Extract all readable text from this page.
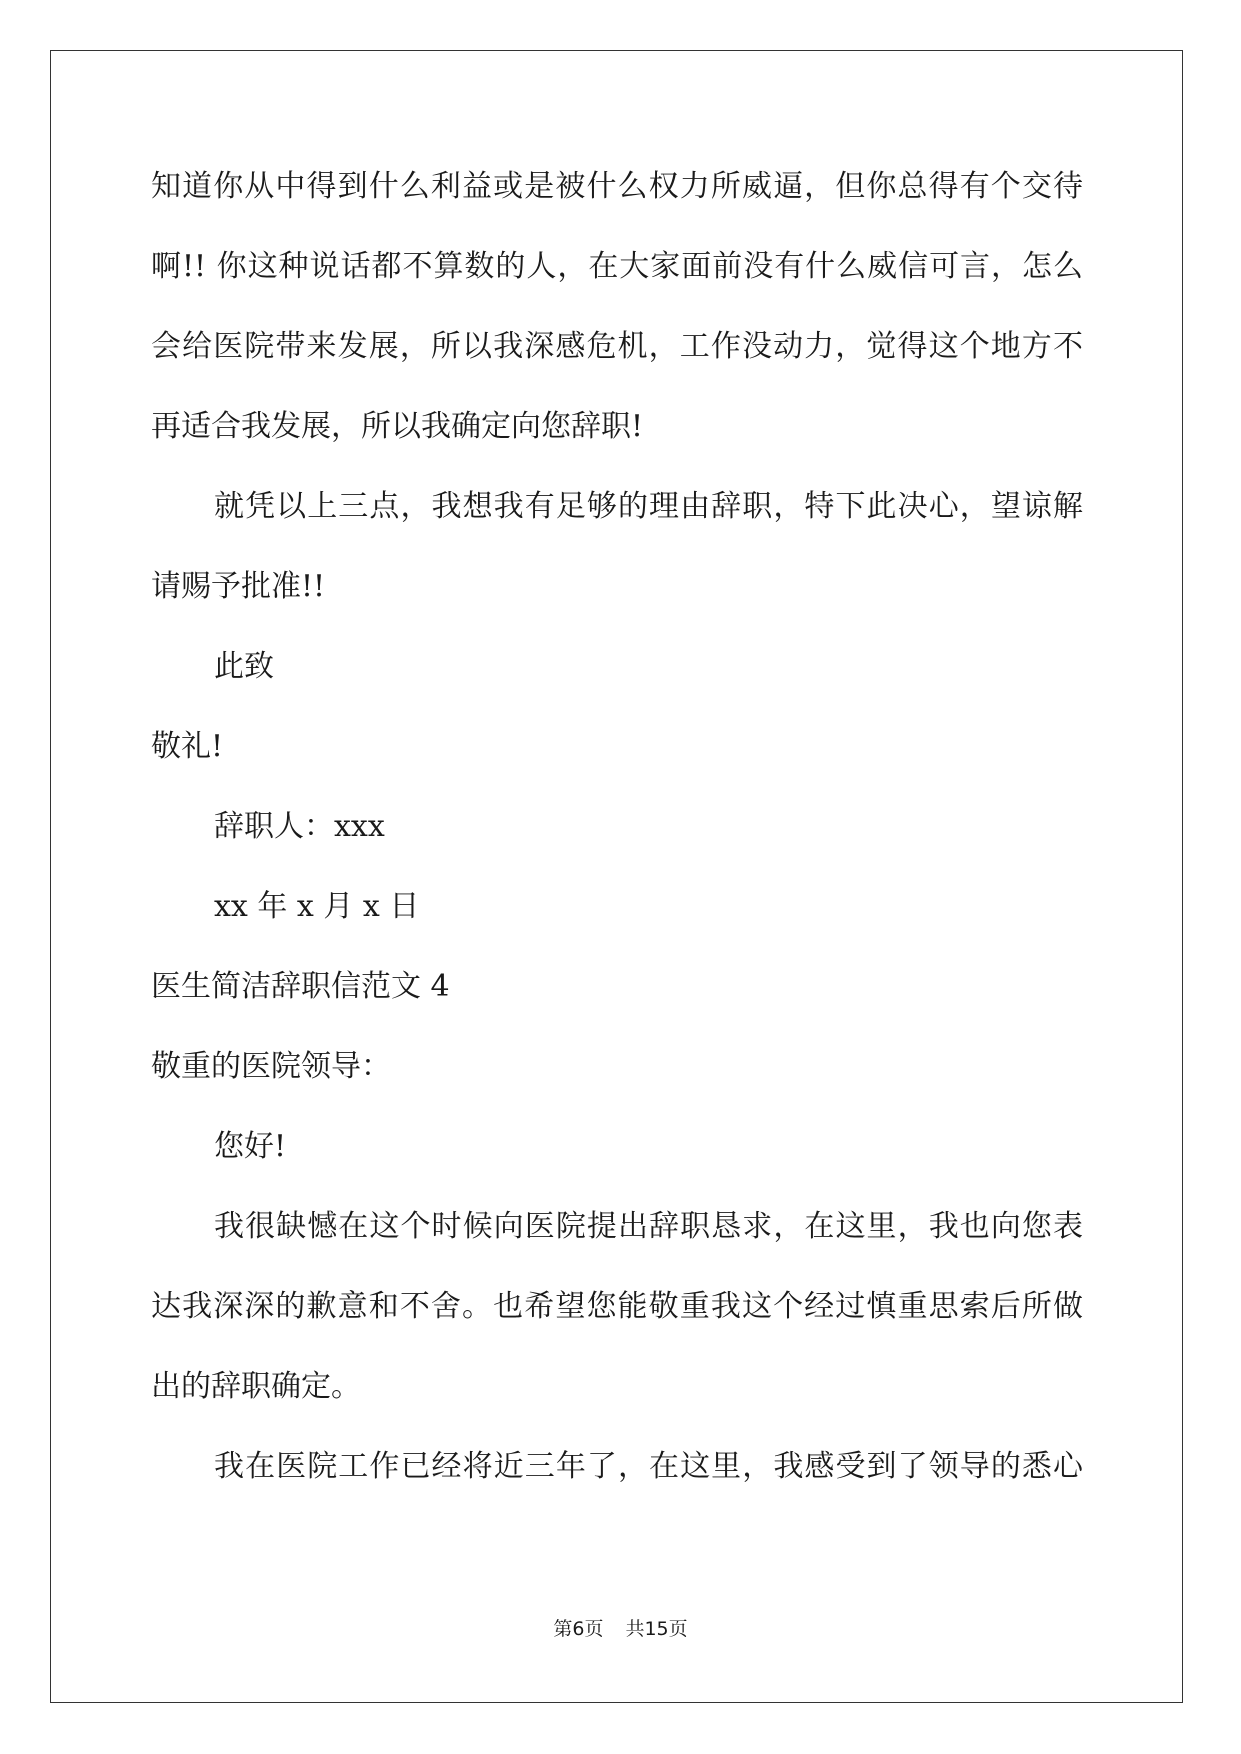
知道你从中得到什么利益或是被什么权力所威逼，但你总得有个交待
啊!! 你这种说话都不算数的人，在大家面前没有什么威信可言，怎么
会给医院带来发展，所以我深感危机，工作没动力，觉得这个地方不
再适合我发展，所以我确定向您辞职!
就凭以上三点，我想我有足够的理由辞职，特下此决心，望谅解
请赐予批准!!
此致
敬礼!
辞职人：xxx
xx 年 x 月 x 日
医生简洁辞职信范文 4
敬重的医院领导：
您好!
我很缺憾在这个时候向医院提出辞职恳求，在这里，我也向您表
达我深深的歉意和不舍。也希望您能敬重我这个经过慎重思索后所做
出的辞职确定。
我在医院工作已经将近三年了，在这里，我感受到了领导的悉心
第6页 共15页
